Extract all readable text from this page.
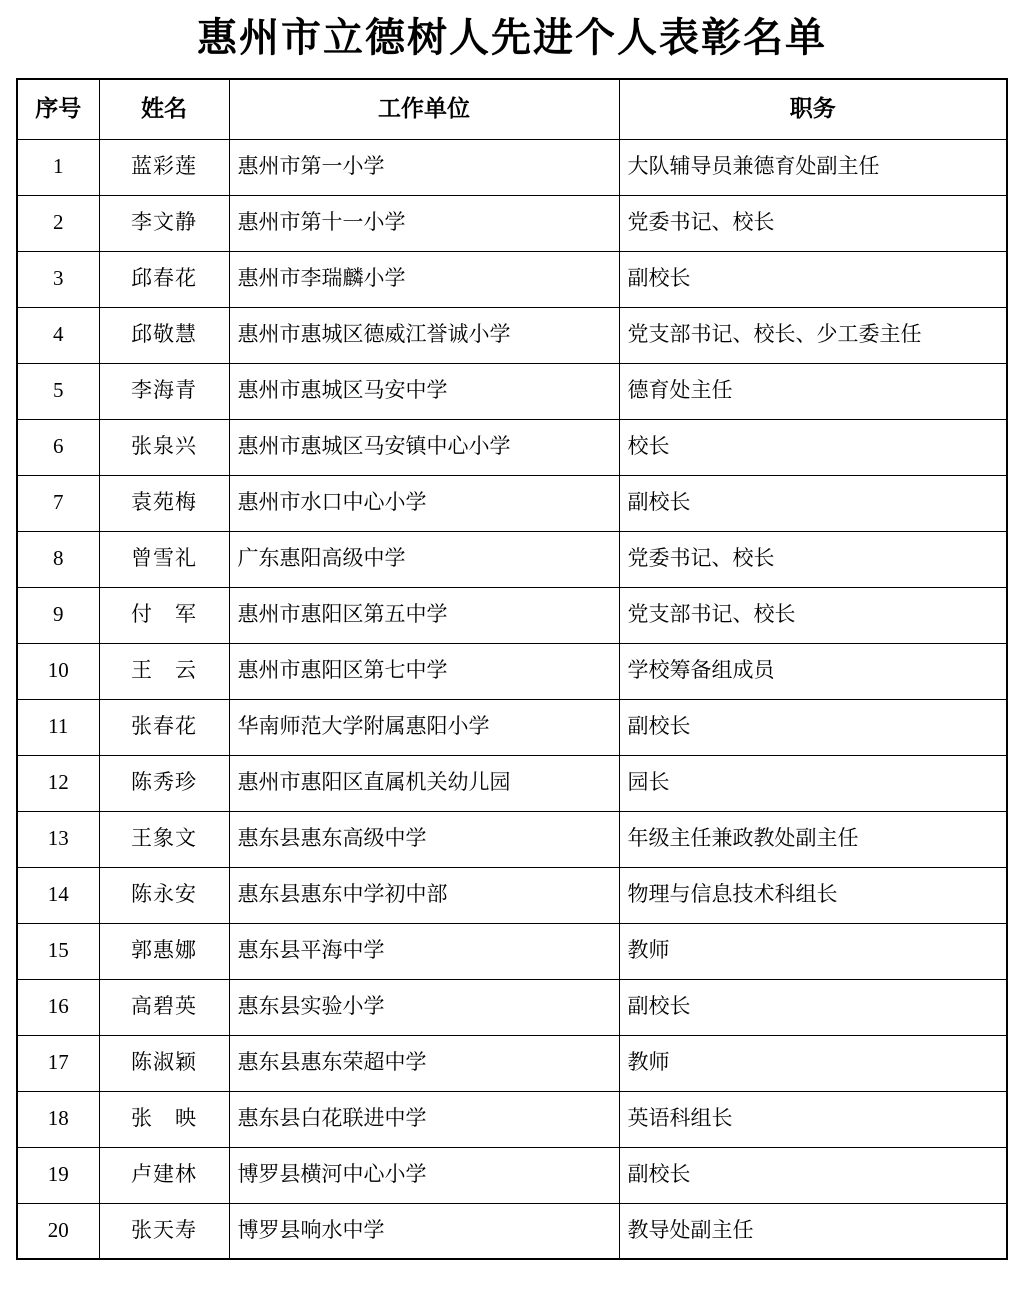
惠州市立德树人先进个人表彰名单
序号	姓名	工作单位	职务
1	蓝彩莲	惠州市第一小学	大队辅导员兼德育处副主任
2	李文静	惠州市第十一小学	党委书记、校长
3	邱春花	惠州市李瑞麟小学	副校长
4	邱敬慧	惠州市惠城区德威江誉诚小学	党支部书记、校长、少工委主任
5	李海青	惠州市惠城区马安中学	德育处主任
6	张泉兴	惠州市惠城区马安镇中心小学	校长
7	袁苑梅	惠州市水口中心小学	副校长
8	曾雪礼	广东惠阳高级中学	党委书记、校长
9	付　军	惠州市惠阳区第五中学	党支部书记、校长
10	王　云	惠州市惠阳区第七中学	学校筹备组成员
11	张春花	华南师范大学附属惠阳小学	副校长
12	陈秀珍	惠州市惠阳区直属机关幼儿园	园长
13	王象文	惠东县惠东高级中学	年级主任兼政教处副主任
14	陈永安	惠东县惠东中学初中部	物理与信息技术科组长
15	郭惠娜	惠东县平海中学	教师
16	高碧英	惠东县实验小学	副校长
17	陈淑颖	惠东县惠东荣超中学	教师
18	张　映	惠东县白花联进中学	英语科组长
19	卢建林	博罗县横河中心小学	副校长
20	张天寿	博罗县响水中学	教导处副主任
